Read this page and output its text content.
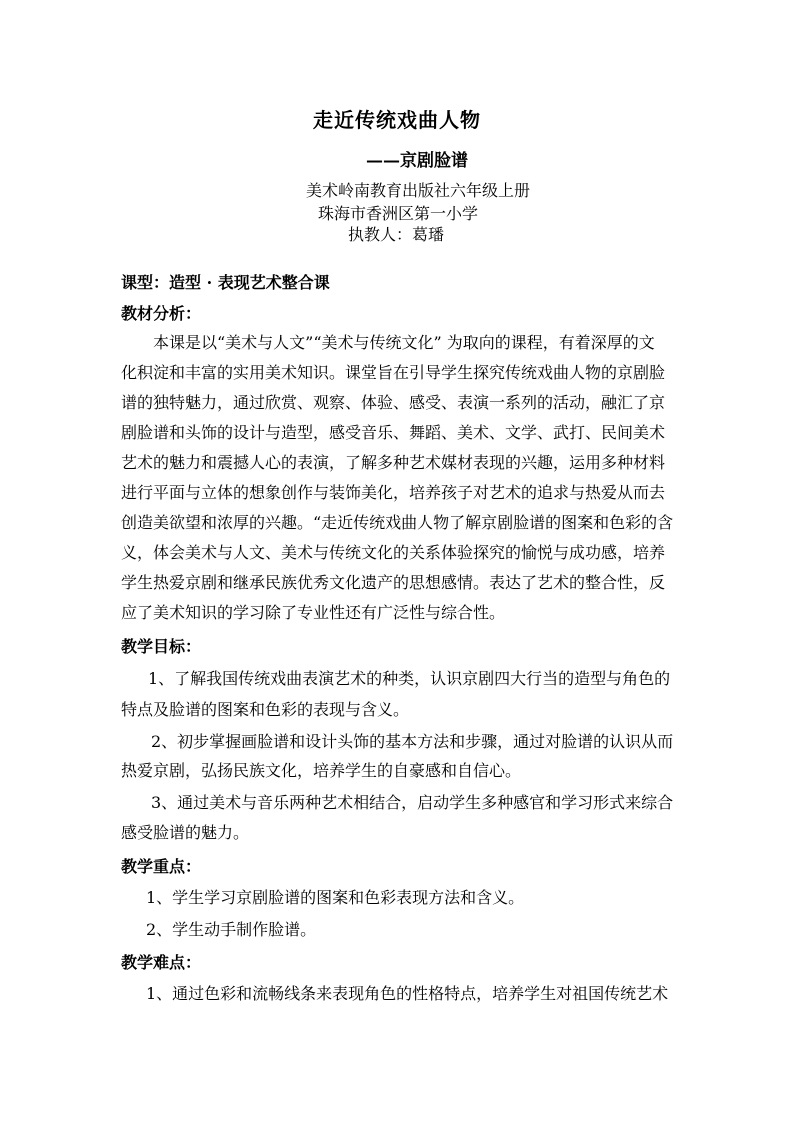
走近传统戏曲人物
——京剧脸谱
美术岭南教育出版社六年级上册
珠海市香洲区第一小学
执教人：葛璠
课型：造型 · 表现艺术整合课
教材分析：
本课是以“美术与人文”“美术与传统文化” 为取向的课程，有着深厚的文
化积淀和丰富的实用美术知识。课堂旨在引导学生探究传统戏曲人物的京剧脸
谱的独特魅力，通过欣赏、观察、体验、感受、表演一系列的活动，融汇了京
剧脸谱和头饰的设计与造型，感受音乐、舞蹈、美术、文学、武打、民间美术
艺术的魅力和震撼人心的表演，了解多种艺术媒材表现的兴趣，运用多种材料
进行平面与立体的想象创作与装饰美化，培养孩子对艺术的追求与热爱从而去
创造美欲望和浓厚的兴趣。“走近传统戏曲人物了解京剧脸谱的图案和色彩的含
义，体会美术与人文、美术与传统文化的关系体验探究的愉悦与成功感，培养
学生热爱京剧和继承民族优秀文化遗产的思想感情。表达了艺术的整合性，反
应了美术知识的学习除了专业性还有广泛性与综合性。
教学目标：
1、了解我国传统戏曲表演艺术的种类，认识京剧四大行当的造型与角色的
特点及脸谱的图案和色彩的表现与含义。
2、初步掌握画脸谱和设计头饰的基本方法和步骤，通过对脸谱的认识从而
热爱京剧，弘扬民族文化，培养学生的自豪感和自信心。
3、通过美术与音乐两种艺术相结合，启动学生多种感官和学习形式来综合
感受脸谱的魅力。
教学重点：
1、学生学习京剧脸谱的图案和色彩表现方法和含义。
2、学生动手制作脸谱。
教学难点：
1、通过色彩和流畅线条来表现角色的性格特点，培养学生对祖国传统艺术
